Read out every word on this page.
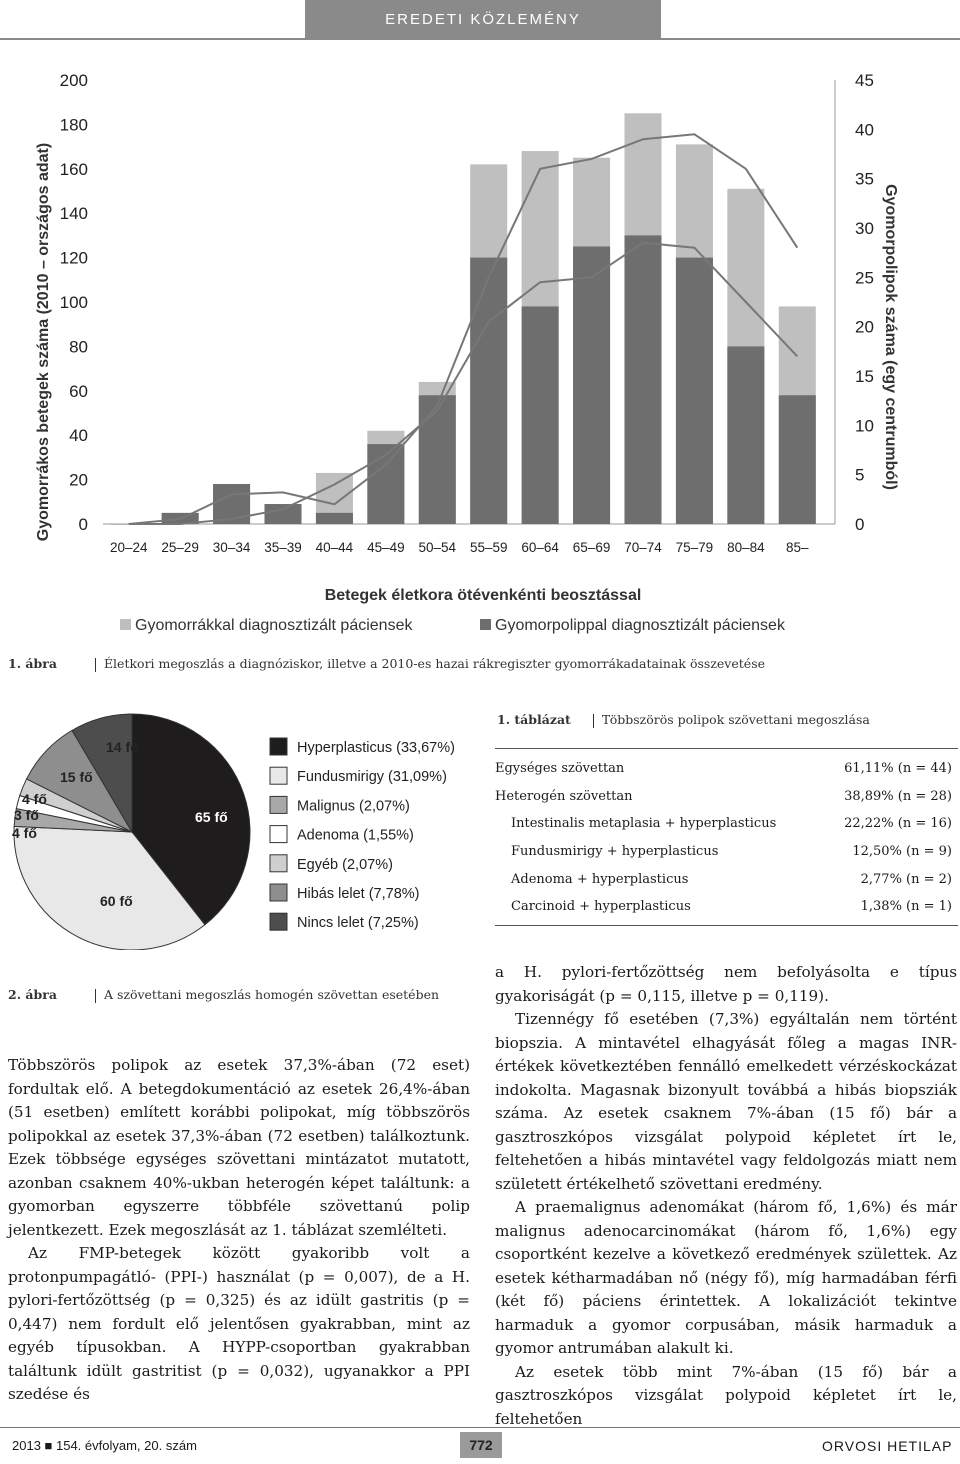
EREDETI KÖZLEMÉNY
0
20
40
60
80
100
120
140
160
180
200
0
5
10
15
20
25
30
35
40
45
20–24 25–29 30–34 35–39 40–44 45–49 50–54 55–59 60–64 65–69 70–74 75–79 80–84 85–
Gyomorrákos betegek száma (2010 – országos adat)	Gyomorpolipok száma (egy centrumból)
Betegek életkora ötévenkénti beosztással
Gyomorrákkal diagnosztizált páciensek	Gyomorpolippal diagnosztizált páciensek
1. ábra	Életkori megoszlás a diagnóziskor, illetve a 2010-es hazai rákregiszter gyomorrákadatainak összevetése
65 fő
60 fő
4 fő
3 fő
4 fő
15 fő
14 fő	Hyperplasticus (33,67%)
Fundusmirigy (31,09%)
Malignus (2,07%)
Adenoma (1,55%)
Egyéb (2,07%)
Hibás lelet (7,78%)
Nincs lelet (7,25%)
2. ábra	A szövettani megoszlás homogén szövettan esetében
1. táblázat Többszörös polipok szövettani megoszlása
Egységes szövettan	61,11% (n = 44)
Heterogén szövettan	38,89% (n = 28)
Intestinalis metaplasia + hyperplasticus	22,22% (n = 16)
Fundusmirigy + hyperplasticus	12,50% (n = 9)
Adenoma + hyperplasticus	2,77% (n = 2)
Carcinoid + hyperplasticus	1,38% (n = 1)

Többszörös polipok az esetek 37,3%-ában (72 eset) fordultak elő. A betegdokumentáció az esetek 26,4%-ában (51 esetben) említett korábbi polipokat, míg többszörös polipokkal az esetek 37,3%-ában (72 esetben) találkoztunk. Ezek többsége egységes szövettani mintázatot mutatott, azonban csaknem 40%-ukban heterogén képet találtunk: a gyomorban egyszerre többféle szövettanú polip jelentkezett. Ezek megoszlását az 1. táblázat szemlélteti.

Az FMP-betegek között gyakoribb volt a protonpumpagátló- (PPI-) használat (p = 0,007), de a H. pylori-fertőzöttség (p = 0,325) és az idült gastritis (p = 0,447) nem fordult elő jelentősen gyakrabban, mint az egyéb típusokban. A HYPP-csoportban gyakrabban találtunk idült gastritist (p = 0,032), ugyanakkor a PPI szedése és

a H. pylori-fertőzöttség nem befolyásolta e típus gyakoriságát (p = 0,115, illetve p = 0,119).

Tizennégy fő esetében (7,3%) egyáltalán nem történt biopszia. A mintavétel elhagyását főleg a magas INR-értékek következtében fennálló emelkedett vérzéskockázat indokolta. Magasnak bizonyult továbbá a hibás biopsziák száma. Az esetek csaknem 7%-ában (15 fő) bár a gasztroszkópos vizsgálat polypoid képletet írt le, feltehetően a hibás mintavétel vagy feldolgozás miatt nem született értékelhető szövettani eredmény.

A praemalignus adenomákat (három fő, 1,6%) és már malignus adenocarcinomákat (három fő, 1,6%) egy csoportként kezelve a következő eredmények születtek. Az esetek kétharmadában nő (négy fő), míg harmadában férfi (két fő) páciens érintettek. A lokalizációt tekintve harmaduk a gyomor corpusában, másik harmaduk a gyomor antrumában alakult ki.

Az esetek több mint 7%-ában (15 fő) bár a gasztroszkópos vizsgálat polypoid képletet írt le, feltehetően

2013 ■ 154. évfolyam, 20. szám	772	ORVOSI HETILAP
